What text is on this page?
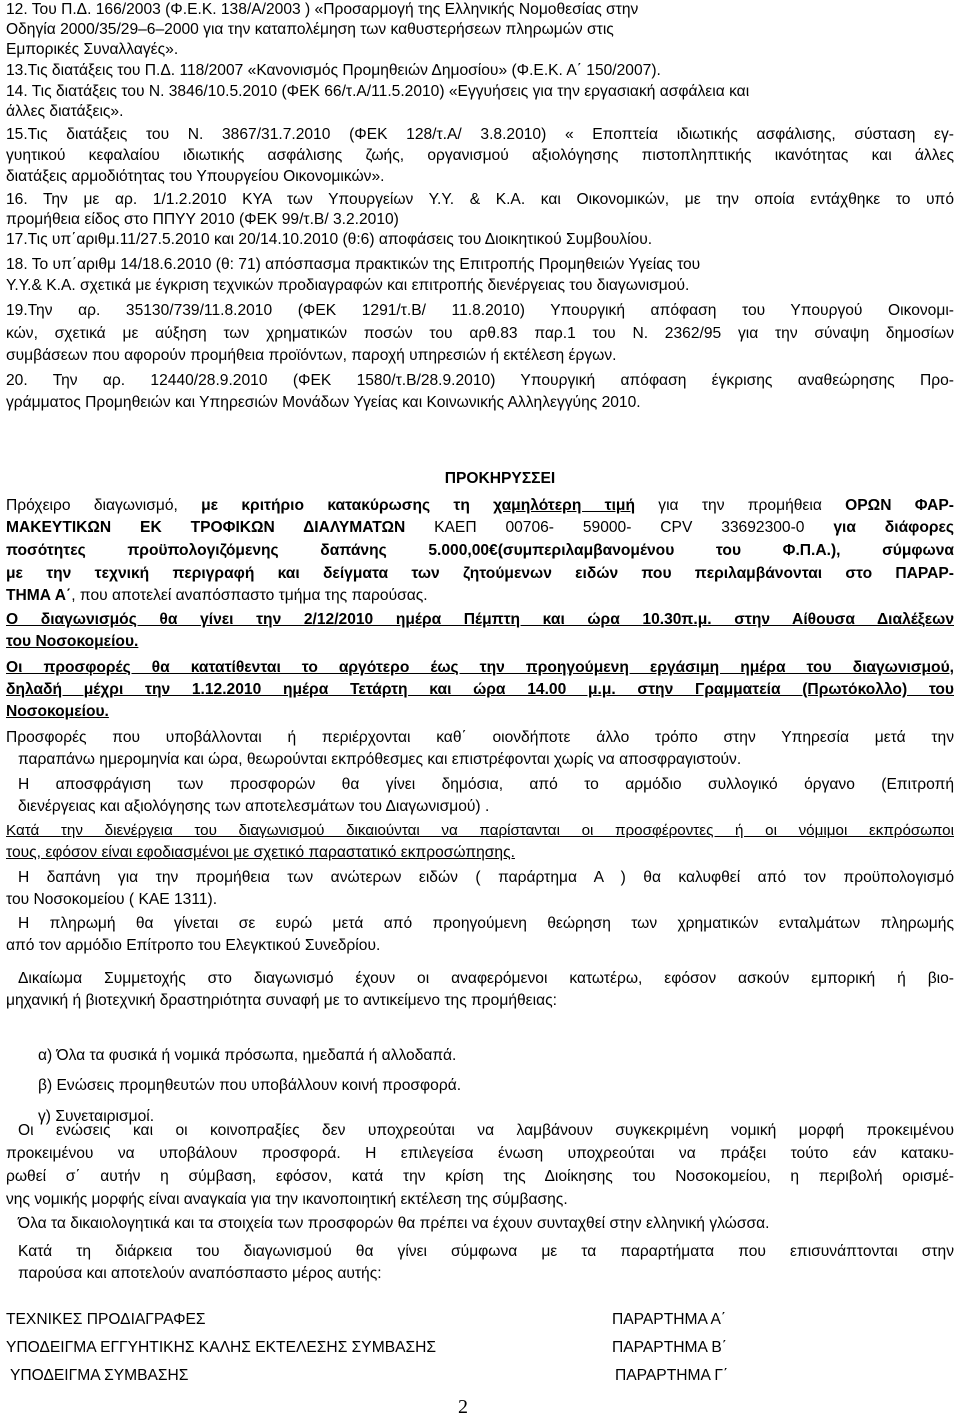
12. Του Π.Δ. 166/2003 (Φ.Ε.Κ. 138/Α/2003 ) «Προσαρμογή της Ελληνικής Νομοθεσίας στην

Οδηγία 2000/35/29–6–2000 για την καταπολέμηση των καθυστερήσεων πληρωμών στις

Εμπορικές Συναλλαγές».

13.Τις διατάξεις του Π.Δ. 118/2007 «Κανονισμός Προμηθειών Δημοσίου» (Φ.Ε.Κ. Α΄ 150/2007).

14. Τις διατάξεις του Ν. 3846/10.5.2010 (ΦΕΚ 66/τ.Α/11.5.2010) «Εγγυήσεις για την εργασιακή ασφάλεια και

άλλες διατάξεις».

15.Τις διατάξεις του Ν. 3867/31.7.2010 (ΦΕΚ 128/τ.Α/ 3.8.2010) « Εποπτεία ιδιωτικής ασφάλισης, σύσταση εγ-

γυητικού κεφαλαίου ιδιωτικής ασφάλισης ζωής, οργανισμού αξιολόγησης πιστοπληπτικής ικανότητας και άλλες

διατάξεις αρμοδιότητας του Υπουργείου Οικονομικών».

16. Την με αρ. 1/1.2.2010 ΚΥΑ των Υπουργείων Υ.Υ. & Κ.Α. και Οικονομικών, με την οποία εντάχθηκε το υπό

προμήθεια είδος στο ΠΠΥΥ 2010 (ΦΕΚ 99/τ.Β/ 3.2.2010)

17.Τις υπ΄αριθμ.11/27.5.2010 και 20/14.10.2010 (θ:6) αποφάσεις του Διοικητικού Συμβουλίου.

18. Το υπ΄αριθμ 14/18.6.2010 (θ: 71) απόσπασμα πρακτικών της Επιτροπής Προμηθειών Υγείας του

Υ.Υ.& Κ.Α. σχετικά με έγκριση τεχνικών προδιαγραφών και επιτροπής διενέργειας του διαγωνισμού.

19.Την αρ. 35130/739/11.8.2010 (ΦΕΚ 1291/τ.Β/ 11.8.2010) Υπουργική απόφαση του Υπουργού Οικονομι-

κών, σχετικά με αύξηση των χρηματικών ποσών του αρθ.83 παρ.1 του Ν. 2362/95 για την σύναψη δημοσίων

συμβάσεων που αφορούν προμήθεια προϊόντων, παροχή υπηρεσιών ή εκτέλεση έργων.

20. Την αρ. 12440/28.9.2010 (ΦΕΚ 1580/τ.Β/28.9.2010) Υπουργική απόφαση έγκρισης αναθεώρησης Προ-

γράμματος Προμηθειών και Υπηρεσιών Μονάδων Υγείας και Κοινωνικής Αλληλεγγύης 2010.

ΠΡΟΚΗΡΥΣΣΕΙ

Πρόχειρο διαγωνισμό, με κριτήριο κατακύρωσης τη χαμηλότερη τιμή για την προμήθεια ΟΡΩΝ ΦΑΡ-

ΜΑΚΕΥΤΙΚΩΝ ΕΚ ΤΡΟΦΙΚΩΝ ΔΙΑΛΥΜΑΤΩΝ ΚΑΕΠ 00706- 59000- CPV 33692300-0 για διάφορες

ποσότητες προϋπολογιζόμενης δαπάνης 5.000,00€(συμπεριλαμβανομένου του Φ.Π.Α.), σύμφωνα

με την τεχνική περιγραφή και δείγματα των ζητούμενων ειδών που περιλαμβάνονται στο ΠΑΡΑΡ-

ΤΗΜΑ Α΄, που αποτελεί αναπόσπαστο τμήμα της παρούσας.

Ο διαγωνισμός θα γίνει την 2/12/2010 ημέρα Πέμπτη και ώρα 10.30π.μ. στην Αίθουσα Διαλέξεων

του Νοσοκομείου.

Οι προσφορές θα κατατίθενται το αργότερο έως την προηγούμενη εργάσιμη ημέρα του διαγωνισμού,

δηλαδή μέχρι την 1.12.2010 ημέρα Τετάρτη και ώρα 14.00 μ.μ. στην Γραμματεία (Πρωτόκολλο) του

Νοσοκομείου.

Προσφορές που υποβάλλονται ή περιέρχονται καθ΄ οιονδήποτε άλλο τρόπο στην Υπηρεσία μετά την

παραπάνω ημερομηνία και ώρα, θεωρούνται εκπρόθεσμες και επιστρέφονται χωρίς να αποσφραγιστούν.

Η αποσφράγιση των προσφορών θα γίνει δημόσια, από το αρμόδιο συλλογικό όργανο (Επιτροπή

διενέργειας και αξιολόγησης των αποτελεσμάτων του Διαγωνισμού) .

Κατά την διενέργεια του διαγωνισμού δικαιούνται να παρίστανται οι προσφέροντες ή οι νόμιμοι εκπρόσωποι

τους, εφόσον είναι εφοδιασμένοι με σχετικό παραστατικό εκπροσώπησης.

Η δαπάνη για την προμήθεια των ανώτερων ειδών ( παράρτημα Α ) θα καλυφθεί από τον προϋπολογισμό

του Νοσοκομείου ( ΚΑΕ 1311).

Η πληρωμή θα γίνεται σε ευρώ μετά από προηγούμενη θεώρηση των χρηματικών ενταλμάτων πληρωμής

από τον αρμόδιο Επίτροπο του Ελεγκτικού Συνεδρίου.

Δικαίωμα Συμμετοχής στο διαγωνισμό έχουν οι αναφερόμενοι κατωτέρω, εφόσον ασκούν εμπορική ή βιο-

μηχανική ή βιοτεχνική δραστηριότητα συναφή με το αντικείμενο της προμήθειας:

α) Όλα τα φυσικά ή νομικά πρόσωπα, ημεδαπά ή αλλοδαπά.

β) Ενώσεις προμηθευτών που υποβάλλουν κοινή προσφορά.

γ) Συνεταιρισμοί.

Οι ενώσεις και οι κοινοπραξίες δεν υποχρεούται να λαμβάνουν συγκεκριμένη νομική μορφή προκειμένου

προκειμένου να υποβάλουν προσφορά. Η επιλεγείσα ένωση υποχρεούται να πράξει τούτο εάν κατακυ-

ρωθεί σ΄ αυτήν η σύμβαση, εφόσον, κατά την κρίση της Διοίκησης του Νοσοκομείου, η περιβολή ορισμέ-

νης νομικής μορφής είναι αναγκαία για την ικανοποιητική εκτέλεση της σύμβασης.

Όλα τα δικαιολογητικά και τα στοιχεία των προσφορών θα πρέπει να έχουν συνταχθεί στην ελληνική γλώσσα.

Κατά τη διάρκεια του διαγωνισμού θα γίνει σύμφωνα με τα παραρτήματα που επισυνάπτονται στην

παρούσα και αποτελούν αναπόσπαστο μέρος αυτής:

ΤΕΧΝΙΚΕΣ ΠΡΟΔΙΑΓΡΑΦΕΣ	ΠΑΡΑΡΤΗΜΑ Α΄

ΥΠΟΔΕΙΓΜΑ ΕΓΓΥΗΤΙΚΗΣ ΚΑΛΗΣ ΕΚΤΕΛΕΣΗΣ ΣΥΜΒΑΣΗΣ	ΠΑΡΑΡΤΗΜΑ Β΄

ΥΠΟΔΕΙΓΜΑ ΣΥΜΒΑΣΗΣ	ΠΑΡΑΡΤΗΜΑ Γ΄

2
